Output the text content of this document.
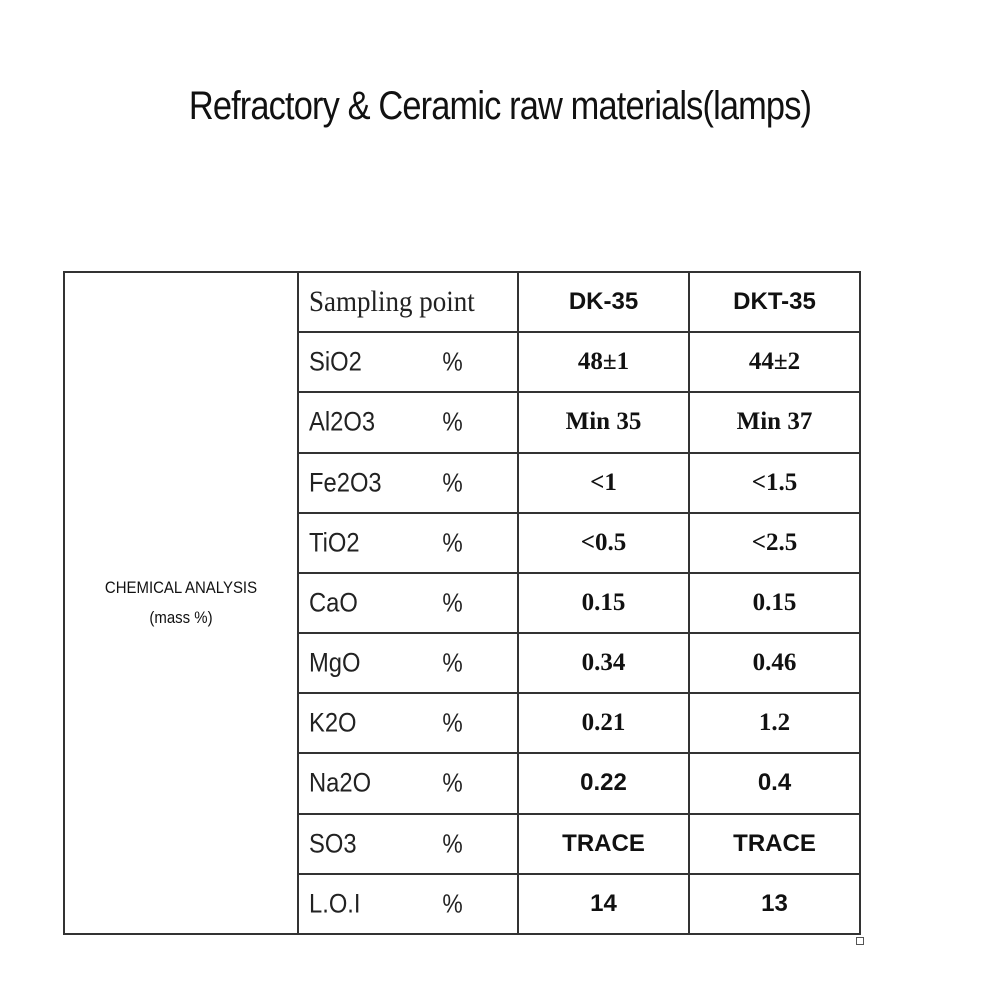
Refractory & Ceramic raw materials(lamps)
CHEMICAL ANALYSIS
(mass %)	Sampling point	DK-35	DKT-35

	SiO2 %	48±1	44±2

	Al2O3 %	Min 35	Min 37

	Fe2O3 %	<1	<1.5

	TiO2 %	<0.5	<2.5

	CaO %	0.15	0.15

	MgO %	0.34	0.46

	K2O %	0.21	1.2

	Na2O %	0.22	0.4

	SO3 %	TRACE	TRACE

	L.O.I %	14	13
